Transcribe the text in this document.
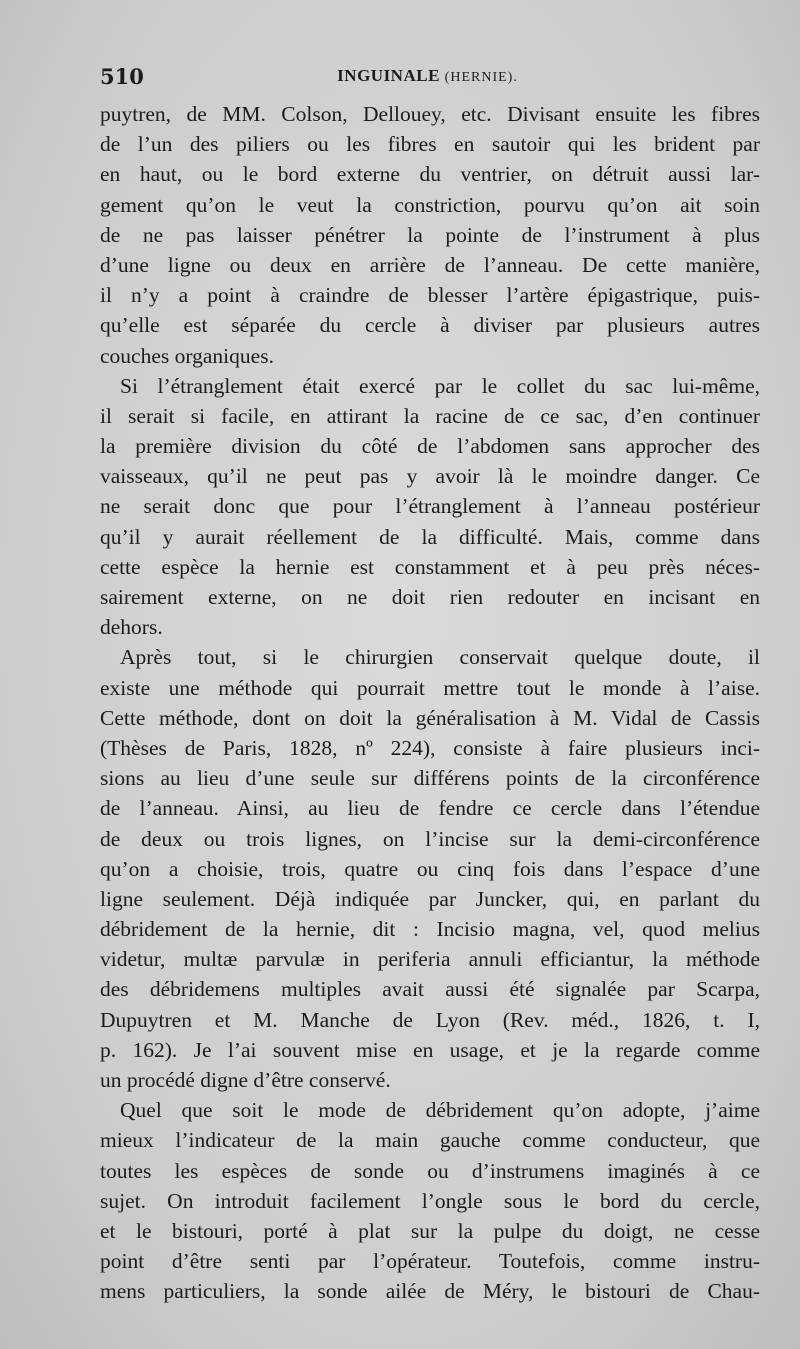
510	INGUINALE (HERNIE).
puytren, de MM. Colson, Dellouey, etc. Divisant ensuite les fibres
de l’un des piliers ou les fibres en sautoir qui les brident par
en haut, ou le bord externe du ventrier, on détruit aussi lar-
gement qu’on le veut la constriction, pourvu qu’on ait soin
de ne pas laisser pénétrer la pointe de l’instrument à plus
d’une ligne ou deux en arrière de l’anneau. De cette manière,
il n’y a point à craindre de blesser l’artère épigastrique, puis-
qu’elle est séparée du cercle à diviser par plusieurs autres
couches organiques.
Si l’étranglement était exercé par le collet du sac lui-même,
il serait si facile, en attirant la racine de ce sac, d’en continuer
la première division du côté de l’abdomen sans approcher des
vaisseaux, qu’il ne peut pas y avoir là le moindre danger. Ce
ne serait donc que pour l’étranglement à l’anneau postérieur
qu’il y aurait réellement de la difficulté. Mais, comme dans
cette espèce la hernie est constamment et à peu près néces-
sairement externe, on ne doit rien redouter en incisant en
dehors.
Après tout, si le chirurgien conservait quelque doute, il
existe une méthode qui pourrait mettre tout le monde à l’aise.
Cette méthode, dont on doit la généralisation à M. Vidal de Cassis
(Thèses de Paris, 1828, nº 224), consiste à faire plusieurs inci-
sions au lieu d’une seule sur différens points de la circonférence
de l’anneau. Ainsi, au lieu de fendre ce cercle dans l’étendue
de deux ou trois lignes, on l’incise sur la demi-circonférence
qu’on a choisie, trois, quatre ou cinq fois dans l’espace d’une
ligne seulement. Déjà indiquée par Juncker, qui, en parlant du
débridement de la hernie, dit : Incisio magna, vel, quod melius
videtur, multæ parvulæ in periferia annuli efficiantur, la méthode
des débridemens multiples avait aussi été signalée par Scarpa,
Dupuytren et M. Manche de Lyon (Rev. méd., 1826, t. I,
p. 162). Je l’ai souvent mise en usage, et je la regarde comme
un procédé digne d’être conservé.
Quel que soit le mode de débridement qu’on adopte, j’aime
mieux l’indicateur de la main gauche comme conducteur, que
toutes les espèces de sonde ou d’instrumens imaginés à ce
sujet. On introduit facilement l’ongle sous le bord du cercle,
et le bistouri, porté à plat sur la pulpe du doigt, ne cesse
point d’être senti par l’opérateur. Toutefois, comme instru-
mens particuliers, la sonde ailée de Méry, le bistouri de Chau-
